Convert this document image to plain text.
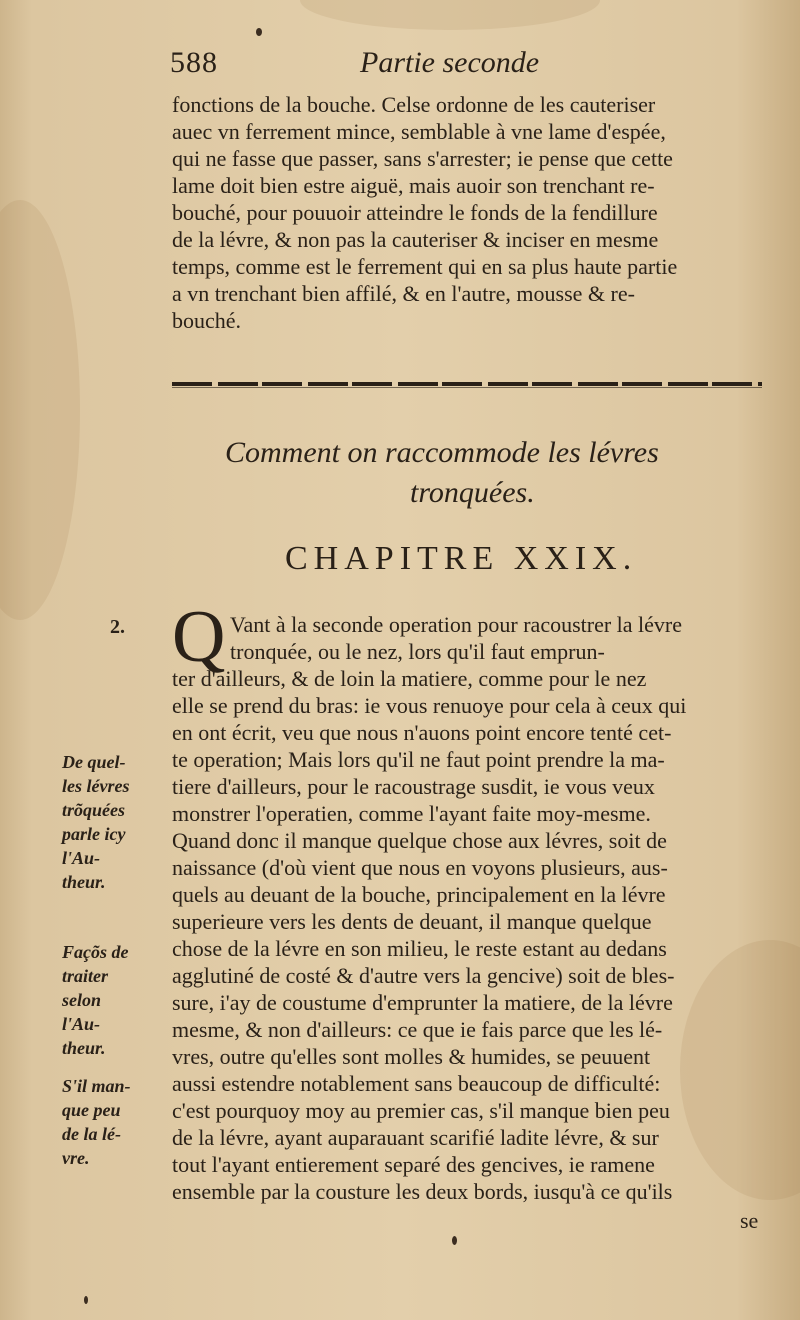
588	Partie seconde
fonctions de la bouche. Celse ordonne de les cauteriser
auec vn ferrement mince, semblable à vne lame d'espée,
qui ne fasse que passer, sans s'arrester; ie pense que cette
lame doit bien estre aiguë, mais auoir son trenchant re-
bouché, pour pouuoir atteindre le fonds de la fendillure
de la lévre, & non pas la cauteriser & inciser en mesme
temps, comme est le ferrement qui en sa plus haute partie
a vn trenchant bien affilé, & en l'autre, mousse & re-
bouché.
Comment on raccommode les lévres
tronquées.
CHAPITRE XXIX.
2. Q Vant à la seconde operation pour racoustrer la lévre
tronquée, ou le nez, lors qu'il faut emprun-
ter d'ailleurs, & de loin la matiere, comme pour le nez
elle se prend du bras: ie vous renuoye pour cela à ceux qui
en ont écrit, veu que nous n'auons point encore tenté cet-
te operation; Mais lors qu'il ne faut point prendre la ma-
tiere d'ailleurs, pour le racoustrage susdit, ie vous veux
monstrer l'operatien, comme l'ayant faite moy-mesme.
Quand donc il manque quelque chose aux lévres, soit de
naissance (d'où vient que nous en voyons plusieurs, aus-
quels au deuant de la bouche, principalement en la lévre
superieure vers les dents de deuant, il manque quelque
chose de la lévre en son milieu, le reste estant au dedans
agglutiné de costé & d'autre vers la gencive) soit de bles-
sure, i'ay de coustume d'emprunter la matiere, de la lévre
mesme, & non d'ailleurs: ce que ie fais parce que les lé-
vres, outre qu'elles sont molles & humides, se peuuent
aussi estendre notablement sans beaucoup de difficulté:
c'est pourquoy moy au premier cas, s'il manque bien peu
de la lévre, ayant auparauant scarifié ladite lévre, & sur
tout l'ayant entierement separé des gencives, ie ramene
ensemble par la cousture les deux bords, iusqu'à ce qu'ils
se
De quel-
les lévres
trõquées
parle icy
l'Au-
theur.
Façõs de
traiter
selon
l'Au-
theur.
S'il man-
que peu
de la lé-
vre.
